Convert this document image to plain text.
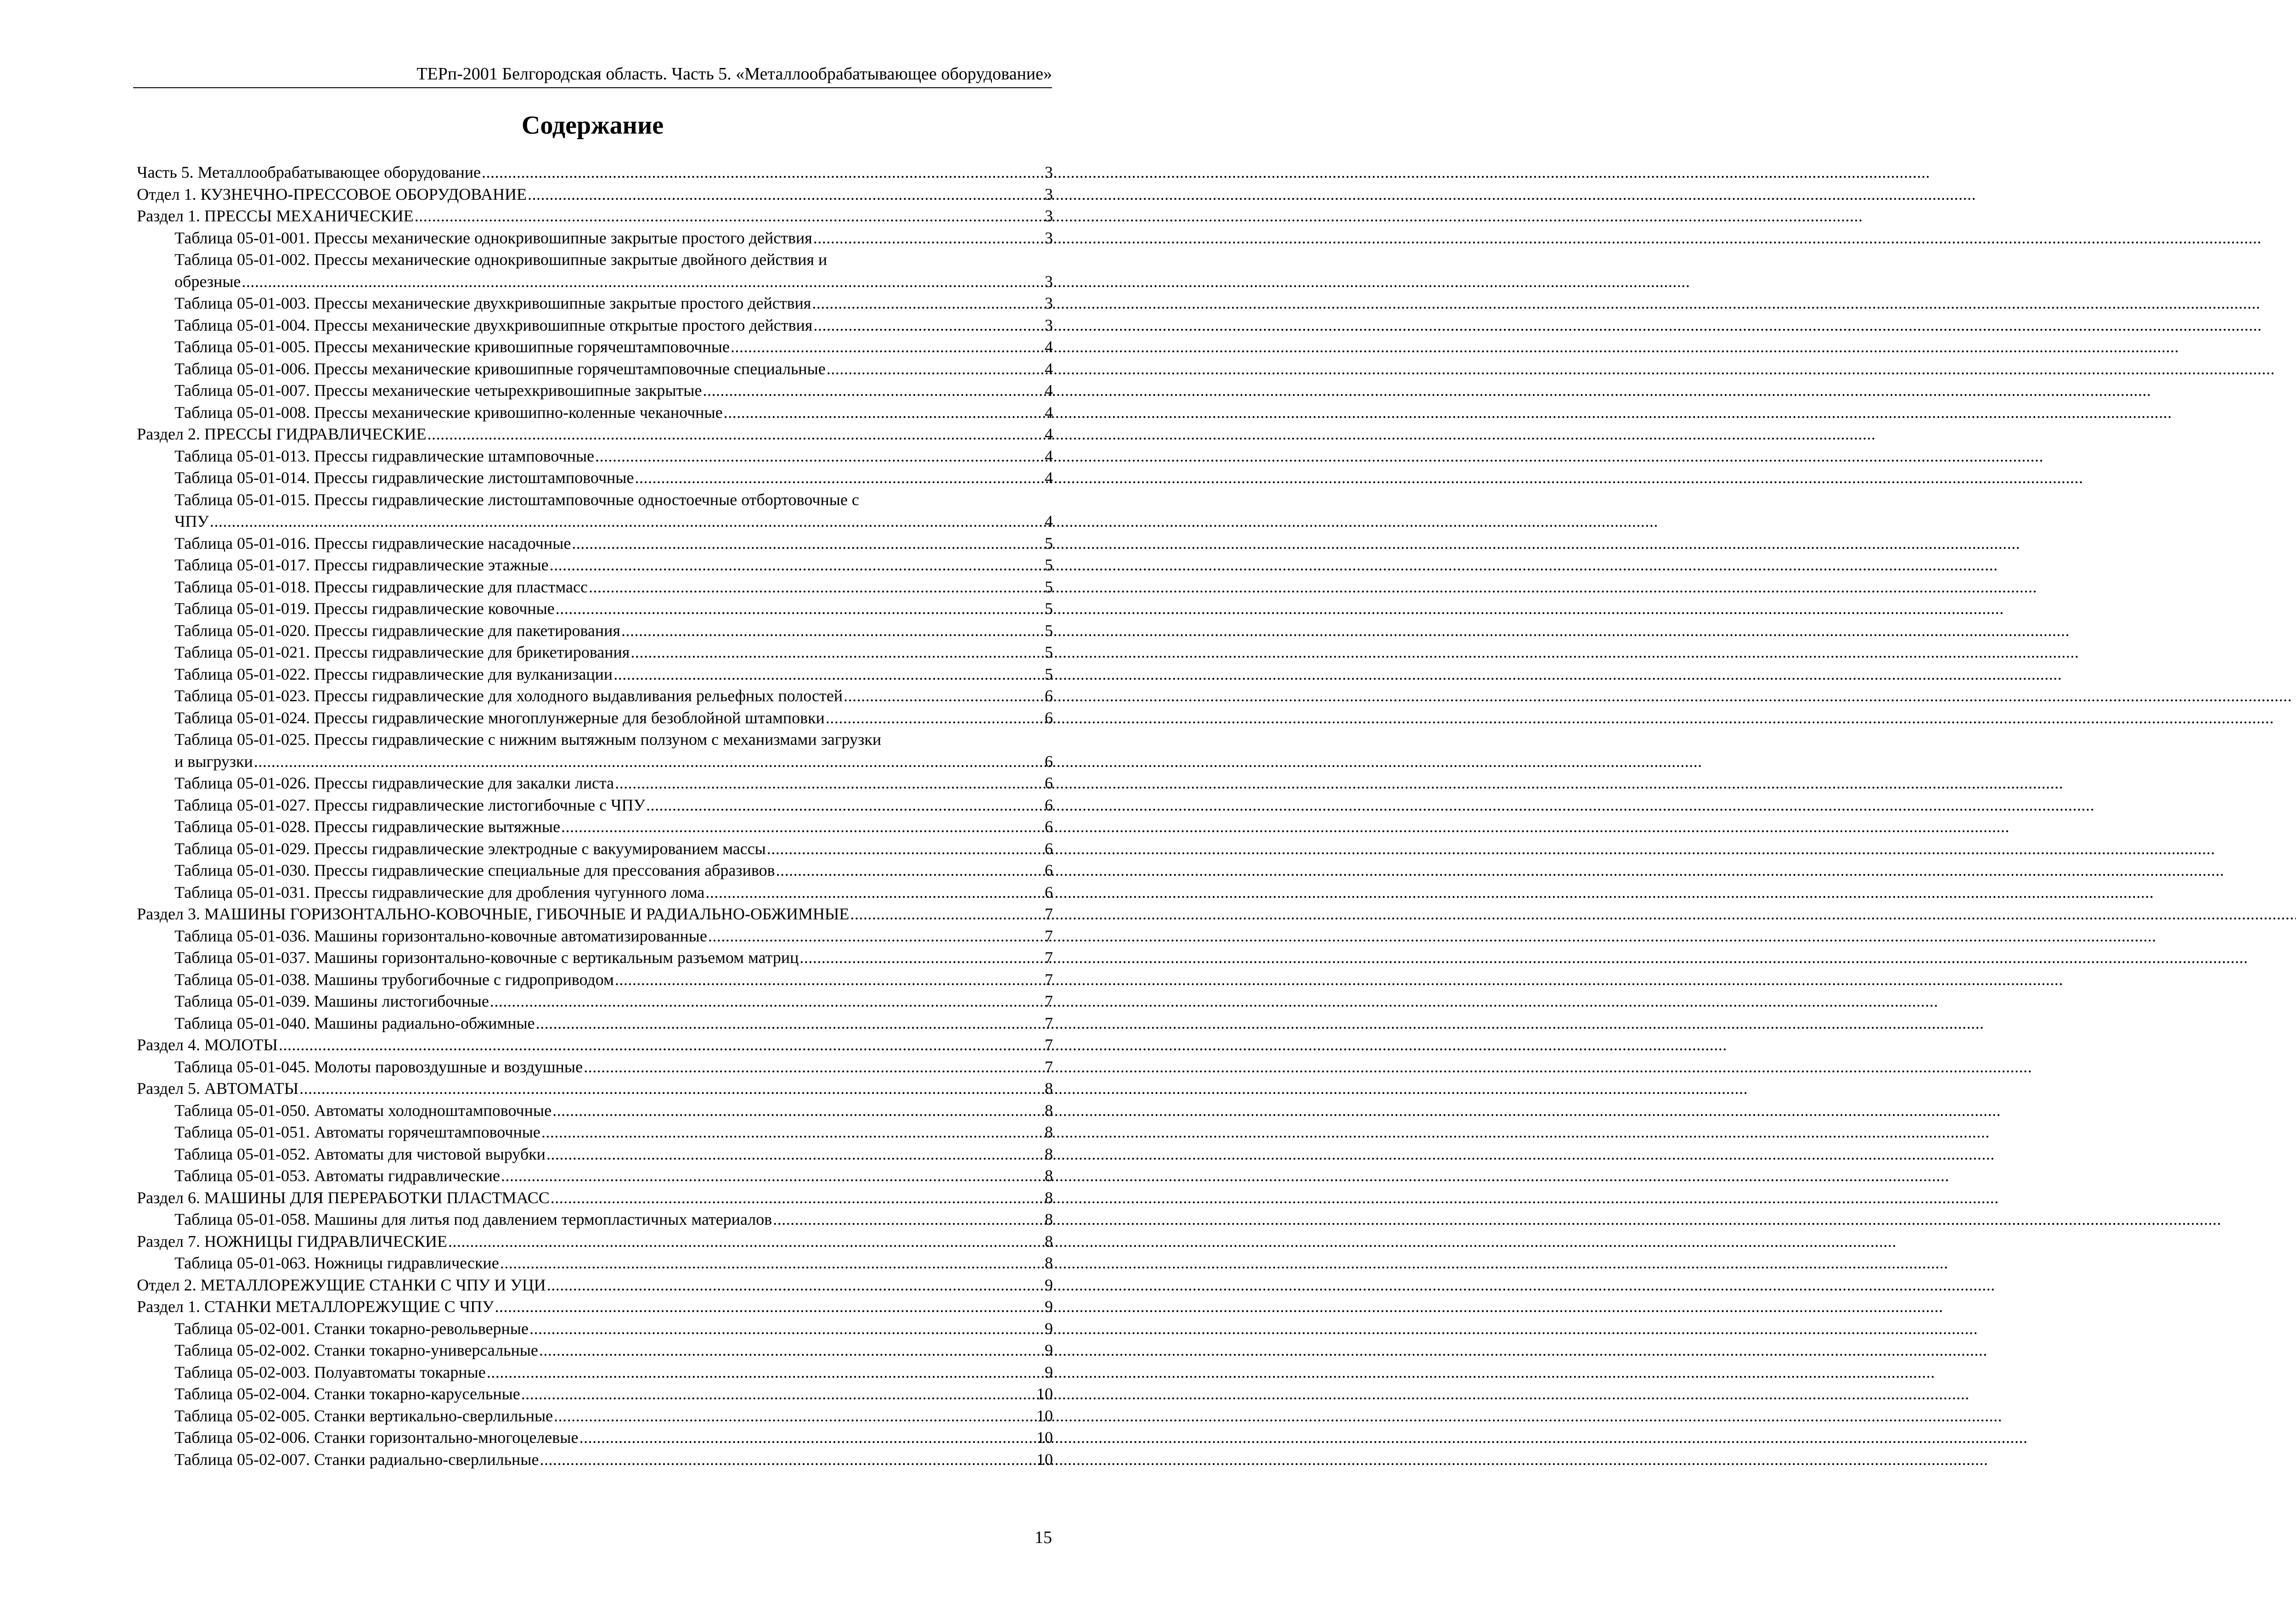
ТЕРп-2001 Белгородская область. Часть 5. «Металлообрабатывающее оборудование»
Содержание
Часть 5. Металлообрабатывающее оборудование .....	3
Отдел 1. КУЗНЕЧНО-ПРЕССОВОЕ ОБОРУДОВАНИЕ .....	3
Раздел 1. ПРЕССЫ МЕХАНИЧЕСКИЕ .....	3
Таблица 05-01-001. Прессы механические однокривошипные закрытые простого действия .....	3
Таблица 05-01-002. Прессы механические однокривошипные закрытые двойного действия и
обрезные .....	3
Таблица 05-01-003. Прессы механические двухкривошипные закрытые простого действия .....	3
Таблица 05-01-004. Прессы механические двухкривошипные открытые простого действия .....	3
Таблица 05-01-005. Прессы механические кривошипные горячештамповочные .....	4
Таблица 05-01-006. Прессы механические кривошипные горячештамповочные специальные .....	4
Таблица 05-01-007. Прессы механические четырехкривошипные закрытые .....	4
Таблица 05-01-008. Прессы механические кривошипно-коленные чеканочные .....	4
Раздел 2. ПРЕССЫ ГИДРАВЛИЧЕСКИЕ .....	4
Таблица 05-01-013. Прессы гидравлические штамповочные .....	4
Таблица 05-01-014. Прессы гидравлические листоштамповочные .....	4
Таблица 05-01-015. Прессы гидравлические листоштамповочные одностоечные отбортовочные с
ЧПУ .....	4
Таблица 05-01-016. Прессы гидравлические насадочные .....	5
Таблица 05-01-017. Прессы гидравлические этажные .....	5
Таблица 05-01-018. Прессы гидравлические для пластмасс .....	5
Таблица 05-01-019. Прессы гидравлические ковочные .....	5
Таблица 05-01-020. Прессы гидравлические для пакетирования .....	5
Таблица 05-01-021. Прессы гидравлические для брикетирования .....	5
Таблица 05-01-022. Прессы гидравлические для вулканизации .....	5
Таблица 05-01-023. Прессы гидравлические для холодного выдавливания рельефных полостей .....	6
Таблица 05-01-024. Прессы гидравлические многоплунжерные для безоблойной штамповки .....	6
Таблица 05-01-025. Прессы гидравлические с нижним вытяжным ползуном с механизмами загрузки
и выгрузки .....	6
Таблица 05-01-026. Прессы гидравлические для закалки листа .....	6
Таблица 05-01-027. Прессы гидравлические листогибочные с ЧПУ .....	6
Таблица 05-01-028. Прессы гидравлические вытяжные .....	6
Таблица 05-01-029. Прессы гидравлические электродные с вакуумированием массы .....	6
Таблица 05-01-030. Прессы гидравлические специальные для прессования абразивов .....	6
Таблица 05-01-031. Прессы гидравлические для дробления чугунного лома .....	6
Раздел 3. МАШИНЫ ГОРИЗОНТАЛЬНО-КОВОЧНЫЕ, ГИБОЧНЫЕ И РАДИАЛЬНО-ОБЖИМНЫЕ .....	7
Таблица 05-01-036. Машины горизонтально-ковочные автоматизированные .....	7
Таблица 05-01-037. Машины горизонтально-ковочные с вертикальным разъемом матриц .....	7
Таблица 05-01-038. Машины трубогибочные с гидроприводом .....	7
Таблица 05-01-039. Машины листогибочные .....	7
Таблица 05-01-040. Машины радиально-обжимные .....	7
Раздел 4. МОЛОТЫ .....	7
Таблица 05-01-045. Молоты паровоздушные и воздушные .....	7
Раздел 5. АВТОМАТЫ .....	8
Таблица 05-01-050. Автоматы холодноштамповочные .....	8
Таблица 05-01-051. Автоматы горячештамповочные .....	8
Таблица 05-01-052. Автоматы для чистовой вырубки .....	8
Таблица 05-01-053. Автоматы гидравлические .....	8
Раздел 6. МАШИНЫ ДЛЯ ПЕРЕРАБОТКИ ПЛАСТМАСС .....	8
Таблица 05-01-058. Машины для литья под давлением термопластичных материалов .....	8
Раздел 7. НОЖНИЦЫ ГИДРАВЛИЧЕСКИЕ .....	8
Таблица 05-01-063. Ножницы гидравлические .....	8
Отдел 2. МЕТАЛЛОРЕЖУЩИЕ СТАНКИ С ЧПУ И УЦИ .....	9
Раздел 1. СТАНКИ МЕТАЛЛОРЕЖУЩИЕ С ЧПУ .....	9
Таблица 05-02-001. Станки токарно-револьверные .....	9
Таблица 05-02-002. Станки токарно-универсальные .....	9
Таблица 05-02-003. Полуавтоматы токарные .....	9
Таблица 05-02-004. Станки токарно-карусельные .....	10
Таблица 05-02-005. Станки вертикально-сверлильные .....	10
Таблица 05-02-006. Станки горизонтально-многоцелевые .....	10
Таблица 05-02-007. Станки радиально-сверлильные .....	10
15
